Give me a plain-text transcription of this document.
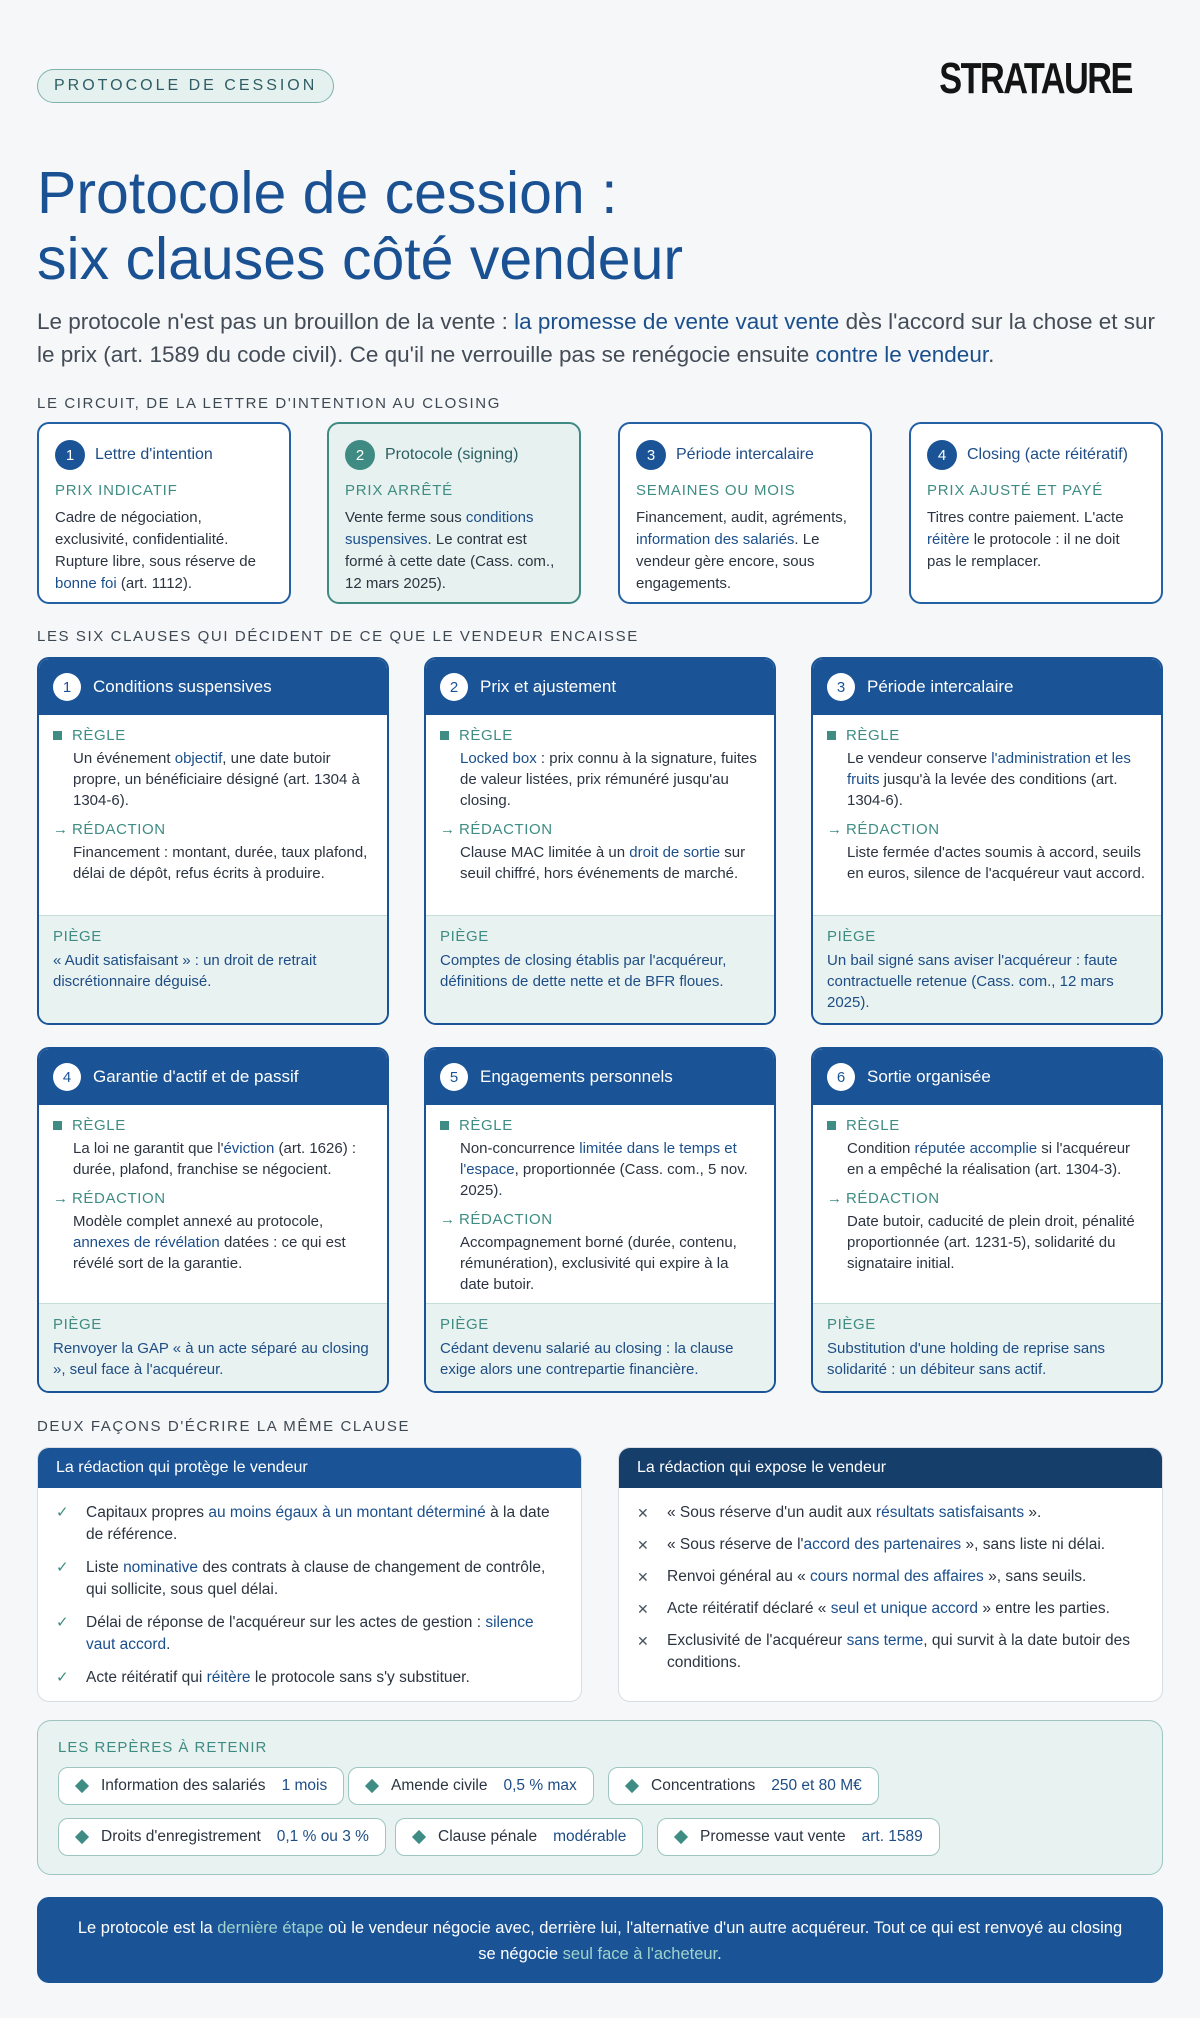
PROTOCOLE DE CESSION	STRATAURE
Protocole de cession :
six clauses côté vendeur

Le protocole n'est pas un brouillon de la vente : la promesse de vente vaut vente dès l'accord sur la chose et sur le prix (art. 1589 du code civil). Ce qu'il ne verrouille pas se renégocie ensuite contre le vendeur.

LE CIRCUIT, DE LA LETTRE D'INTENTION AU CLOSING
1	Lettre d'intention
PRIX INDICATIF
Cadre de négociation, exclusivité, confidentialité. Rupture libre, sous réserve de bonne foi (art. 1112).
2	Protocole (signing)
PRIX ARRÊTÉ
Vente ferme sous conditions suspensives. Le contrat est formé à cette date (Cass. com., 12 mars 2025).
3	Période intercalaire
SEMAINES OU MOIS
Financement, audit, agréments, information des salariés. Le vendeur gère encore, sous engagements.
4	Closing (acte réitératif)
PRIX AJUSTÉ ET PAYÉ
Titres contre paiement. L'acte réitère le protocole : il ne doit pas le remplacer.
LES SIX CLAUSES QUI DÉCIDENT DE CE QUE LE VENDEUR ENCAISSE
1	Conditions suspensives
RÈGLE
Un événement objectif, une date butoir propre, un bénéficiaire désigné (art. 1304 à 1304-6).
→ RÉDACTION
Financement : montant, durée, taux plafond, délai de dépôt, refus écrits à produire.
PIÈGE
« Audit satisfaisant » : un droit de retrait discrétionnaire déguisé.
2	Prix et ajustement
RÈGLE
Locked box : prix connu à la signature, fuites de valeur listées, prix rémunéré jusqu'au closing.
→ RÉDACTION
Clause MAC limitée à un droit de sortie sur seuil chiffré, hors événements de marché.
PIÈGE
Comptes de closing établis par l'acquéreur, définitions de dette nette et de BFR floues.
3	Période intercalaire
RÈGLE
Le vendeur conserve l'administration et les fruits jusqu'à la levée des conditions (art. 1304-6).
→ RÉDACTION
Liste fermée d'actes soumis à accord, seuils en euros, silence de l'acquéreur vaut accord.
PIÈGE
Un bail signé sans aviser l'acquéreur : faute contractuelle retenue (Cass. com., 12 mars 2025).
4	Garantie d'actif et de passif
RÈGLE
La loi ne garantit que l'éviction (art. 1626) : durée, plafond, franchise se négocient.
→ RÉDACTION
Modèle complet annexé au protocole, annexes de révélation datées : ce qui est révélé sort de la garantie.
PIÈGE
Renvoyer la GAP « à un acte séparé au closing », seul face à l'acquéreur.
5	Engagements personnels
RÈGLE
Non-concurrence limitée dans le temps et l'espace, proportionnée (Cass. com., 5 nov. 2025).
→ RÉDACTION
Accompagnement borné (durée, contenu, rémunération), exclusivité qui expire à la date butoir.
PIÈGE
Cédant devenu salarié au closing : la clause exige alors une contrepartie financière.
6	Sortie organisée
RÈGLE
Condition réputée accomplie si l'acquéreur en a empêché la réalisation (art. 1304-3).
→ RÉDACTION
Date butoir, caducité de plein droit, pénalité proportionnée (art. 1231-5), solidarité du signataire initial.
PIÈGE
Substitution d'une holding de reprise sans solidarité : un débiteur sans actif.
DEUX FAÇONS D'ÉCRIRE LA MÊME CLAUSE
La rédaction qui protège le vendeur
✓ Capitaux propres au moins égaux à un montant déterminé à la date de référence.
✓ Liste nominative des contrats à clause de changement de contrôle, qui sollicite, sous quel délai.
✓ Délai de réponse de l'acquéreur sur les actes de gestion : silence vaut accord.
✓ Acte réitératif qui réitère le protocole sans s'y substituer.
La rédaction qui expose le vendeur
✕ « Sous réserve d'un audit aux résultats satisfaisants ».
✕ « Sous réserve de l'accord des partenaires », sans liste ni délai.
✕ Renvoi général au « cours normal des affaires », sans seuils.
✕ Acte réitératif déclaré « seul et unique accord » entre les parties.
✕ Exclusivité de l'acquéreur sans terme, qui survit à la date butoir des conditions.
LES REPÈRES À RETENIR
Information des salariés 1 mois	Amende civile 0,5 % max	Concentrations 250 et 80 M€
Droits d'enregistrement 0,1 % ou 3 %	Clause pénale modérable	Promesse vaut vente art. 1589
Le protocole est la dernière étape où le vendeur négocie avec, derrière lui, l'alternative d'un autre acquéreur. Tout ce qui est renvoyé au closing se négocie seul face à l'acheteur.
